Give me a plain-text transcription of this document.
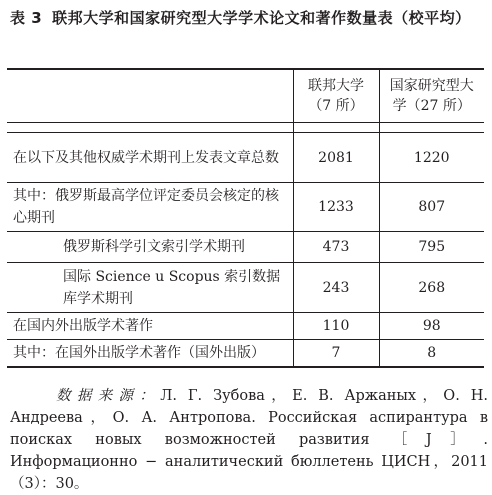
表 3 联邦大学和国家研究型大学学术论文和著作数量表（校平均）
	联邦大学（7 所）	国家研究型大学（27 所）

在以下及其他权威学术期刊上发表文章总数	2081	1220
其中：俄罗斯最高学位评定委员会核定的核心期刊	1233	807
俄罗斯科学引文索引学术期刊	473	795
国际 Science u Scopus 索引数据库学术期刊	243	268
在国内外出版学术著作	110	98
其中：在国外出版学术著作（国外出版）	7	8
数据来源：Л. Г. Зубова，Е. В. Аржаных，О. Н. Андреева，О. А. Антропова. Российская аспирантура в поисках новых возможностей развития ［J］. Информационно − аналитический бюллетень ЦИСН，2011（3）：30。
